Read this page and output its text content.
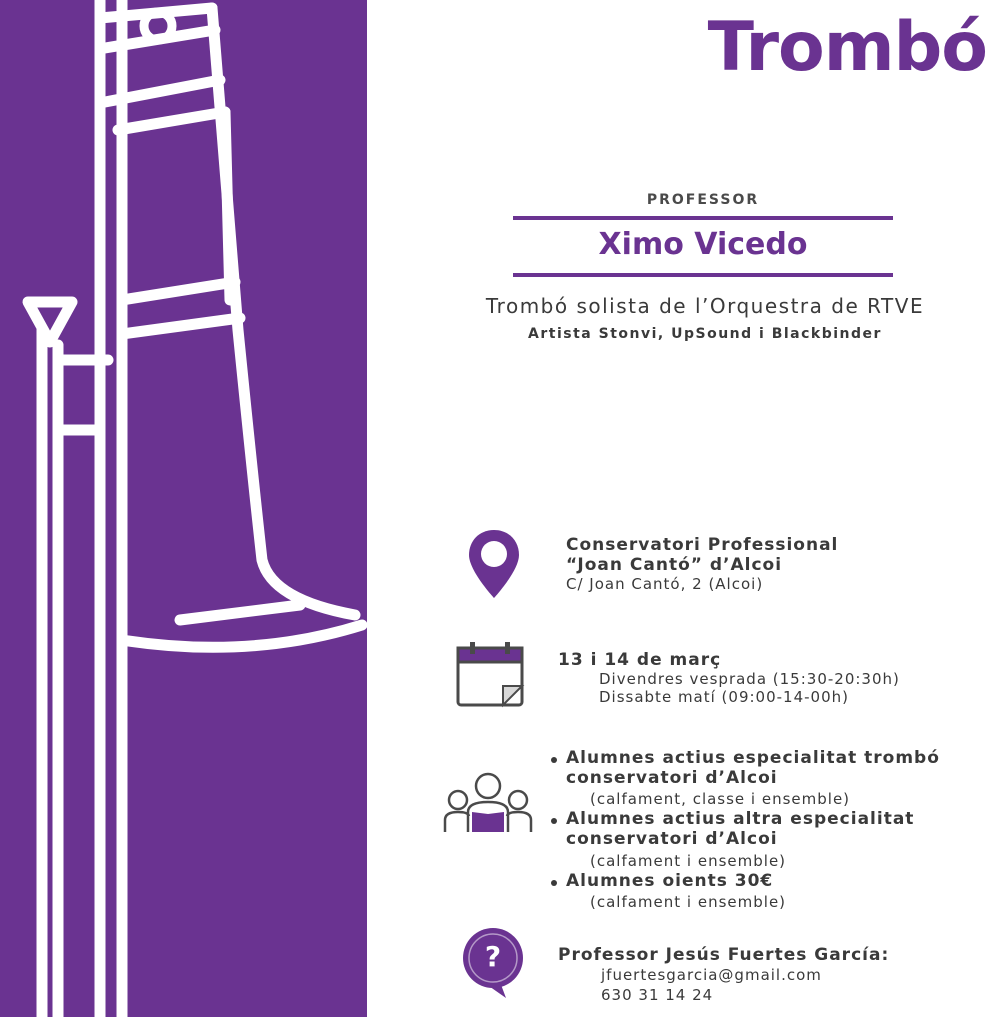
Trombó
PROFESSOR
Ximo Vicedo
Trombó solista de l’Orquestra de RTVE
Artista Stonvi, UpSound i Blackbinder
Conservatori Professional
“Joan Cantó” d’Alcoi
C/ Joan Cantó, 2 (Alcoi)
13 i 14 de març
Divendres vesprada (15:30-20:30h)
Dissabte matí (09:00-14-00h)
Alumnes actius especialitat trombó
conservatori d’Alcoi
(calfament, classe i ensemble)
Alumnes actius altra especialitat
conservatori d’Alcoi
(calfament i ensemble)
Alumnes oients 30€
(calfament i ensemble)
?	Professor Jesús Fuertes García:
jfuertesgarcia@gmail.com
630 31 14 24
